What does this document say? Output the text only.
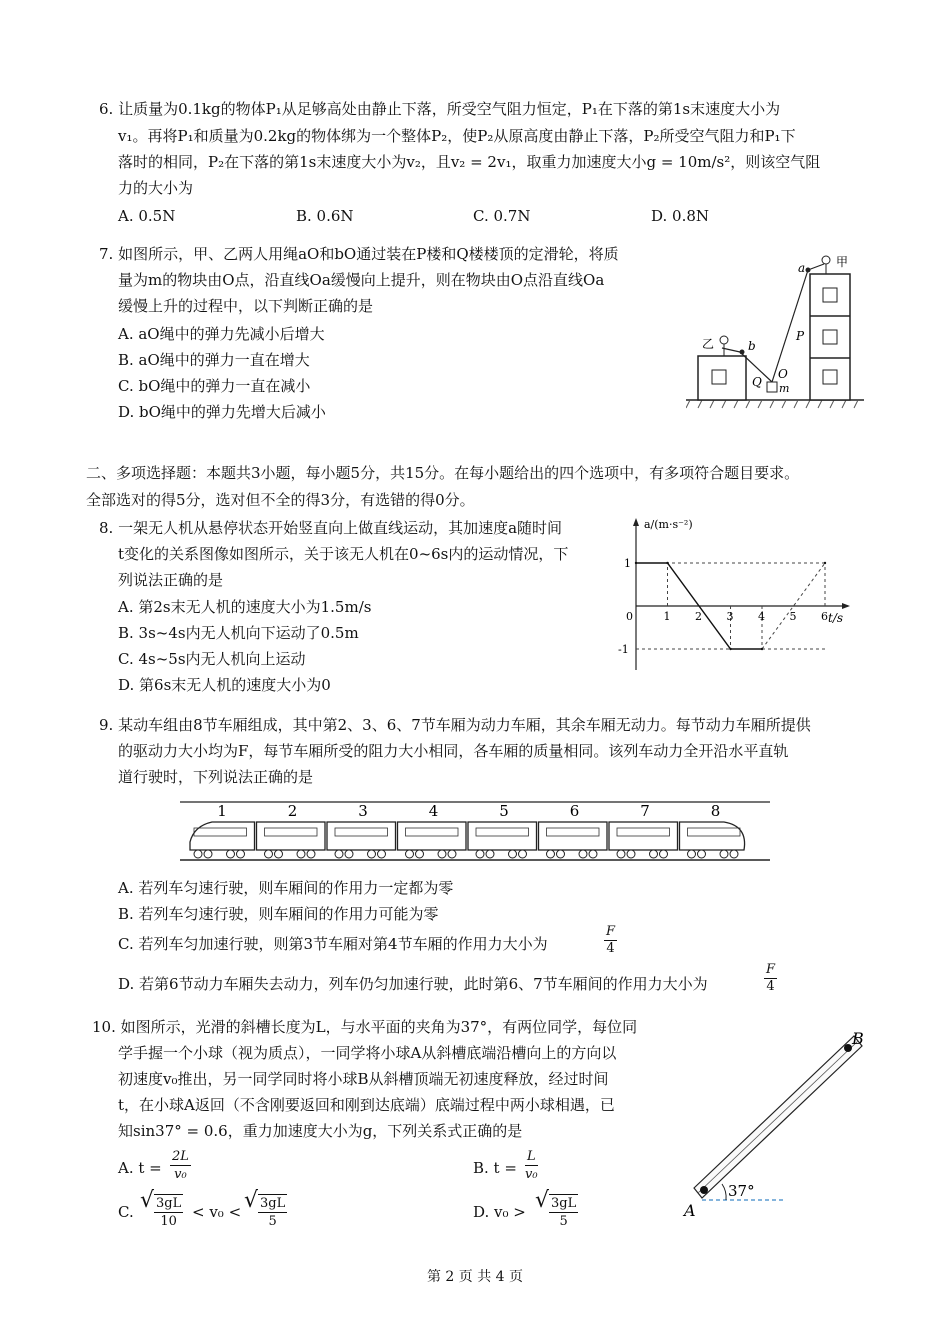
6. 让质量为0.1kg的物体P₁从足够高处由静止下落，所受空气阻力恒定，P₁在下落的第1s末速度大小为
v₁。再将P₁和质量为0.2kg的物体绑为一个整体P₂，使P₂从原高度由静止下落，P₂所受空气阻力和P₁下
落时的相同，P₂在下落的第1s末速度大小为v₂，且v₂ = 2v₁，取重力加速度大小g = 10m/s²，则该空气阻
力的大小为
A. 0.5N	B. 0.6N	C. 0.7N	D. 0.8N
7. 如图所示，甲、乙两人用绳aO和bO通过装在P楼和Q楼楼顶的定滑轮，将质
量为m的物块由O点，沿直线Oa缓慢向上提升，则在物块由O点沿直线Oa
缓慢上升的过程中，以下判断正确的是
A. aO绳中的弹力先减小后增大
B. aO绳中的弹力一直在增大
C. bO绳中的弹力一直在减小
D. bO绳中的弹力先增大后减小
a	甲
乙	b
P
Q
O
m
二、多项选择题：本题共3小题，每小题5分，共15分。在每小题给出的四个选项中，有多项符合题目要求。
全部选对的得5分，选对但不全的得3分，有选错的得0分。
8. 一架无人机从悬停状态开始竖直向上做直线运动，其加速度a随时间
t变化的关系图像如图所示，关于该无人机在0~6s内的运动情况，下
列说法正确的是
A. 第2s末无人机的速度大小为1.5m/s
B. 3s~4s内无人机向下运动了0.5m
C. 4s~5s内无人机向上运动
D. 第6s末无人机的速度大小为0
a/(m·s⁻²)
t/s
0	1 2 3 4 5 6
1
-1
9. 某动车组由8节车厢组成，其中第2、3、6、7节车厢为动力车厢，其余车厢无动力。每节动力车厢所提供
的驱动力大小均为F，每节车厢所受的阻力大小相同，各车厢的质量相同。该列车动力全开沿水平直轨
道行驶时，下列说法正确的是
1	2	3	4	5	6	7	8
A. 若列车匀速行驶，则车厢间的作用力一定都为零
B. 若列车匀速行驶，则车厢间的作用力可能为零
C. 若列车匀加速行驶，则第3节车厢对第4节车厢的作用力大小为	$\frac{F}{4}$
D. 若第6节动力车厢失去动力，列车仍匀加速行驶，此时第6、7节车厢间的作用力大小为	$\frac{F}{4}$
10. 如图所示，光滑的斜槽长度为L，与水平面的夹角为37°，有两位同学，每位同
学手握一个小球（视为质点），一同学将小球A从斜槽底端沿槽向上的方向以
初速度v₀推出，另一同学同时将小球B从斜槽顶端无初速度释放，经过时间
t，在小球A返回（不含刚要返回和刚到达底端）底端过程中两小球相遇，已
知sin37° = 0.6，重力加速度大小为g，下列关系式正确的是
A. $t = \frac{2L}{\text{v₀}}$	B. $t = \frac{L}{\text{v₀}}$
C. √ $\frac{3gL}{10} < v_0$ < √ $\frac{3gL}{5}$	D. v₀ > √ $\frac{3gL}{5}$	A
B
37°
第 2 页 共 4 页
